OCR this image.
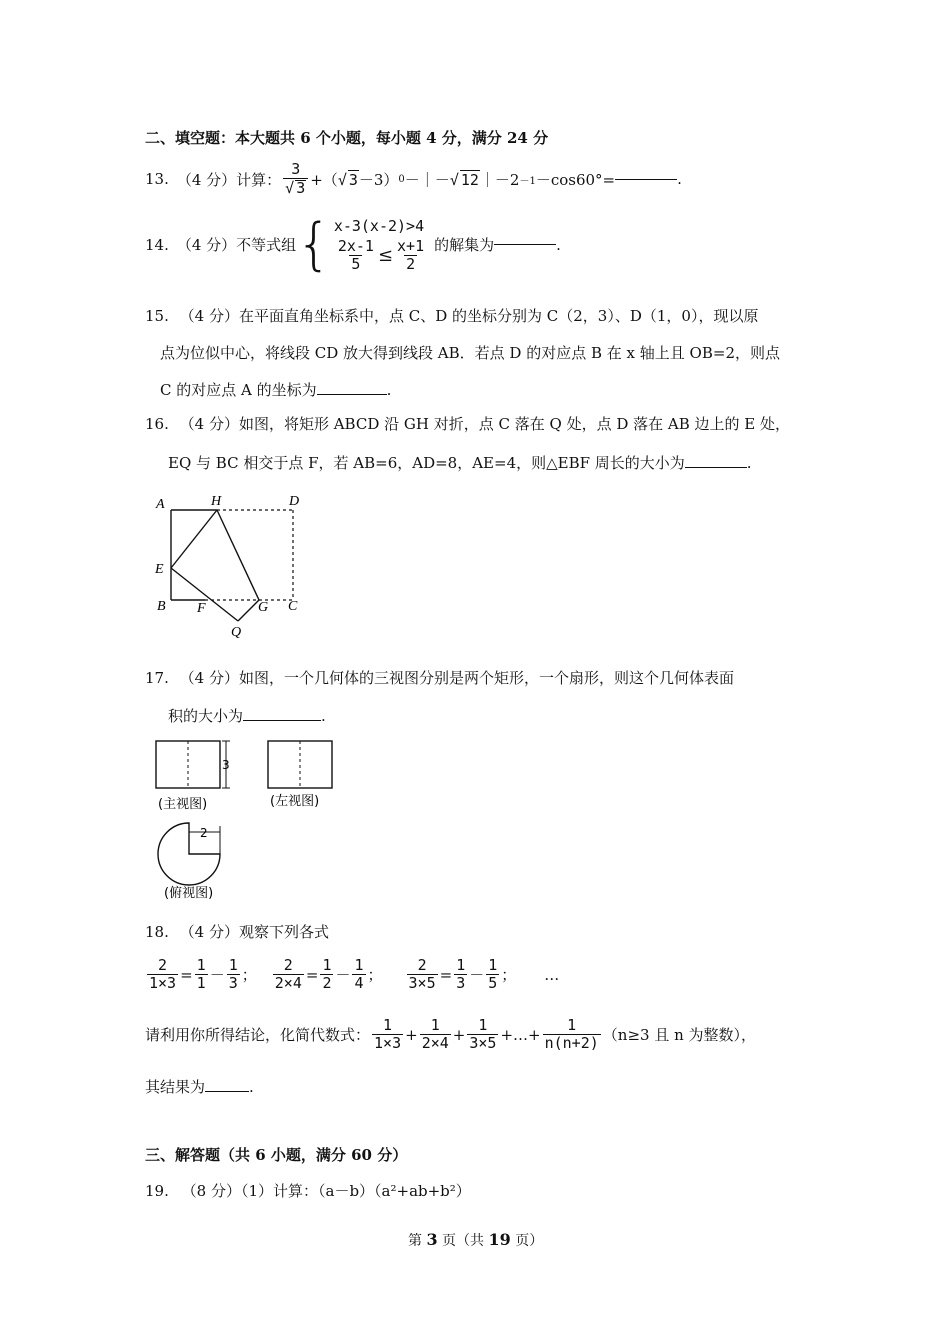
二、填空题：本大题共 6 个小题，每小题 4 分，满分 24 分
13. （4 分）计算： $\frac{3}{√ 3}$ +（ √ 3 －3） 0 －｜－ √ 12 ｜－2 －1 －cos60°=	.
14. （4 分）不等式组 { x-3(x-2)>4
$\frac{2x-1}{5} \le \frac{x+1}{2}$ 的解集为	.
15. （4 分）在平面直角坐标系中，点 C、D 的坐标分别为 C（2，3）、D（1，0），现以原
点为位似中心，将线段 CD 放大得到线段 AB．若点 D 的对应点 B 在 x 轴上且 OB=2，则点
C 的对应点 A 的坐标为	.
16. （4 分）如图，将矩形 ABCD 沿 GH 对折，点 C 落在 Q 处，点 D 落在 AB 边上的 E 处，
EQ 与 BC 相交于点 F，若 AB=6，AD=8，AE=4，则△EBF 周长的大小为	.
A	H	D
E
B F	G C
Q
17. （4 分）如图，一个几何体的三视图分别是两个矩形，一个扇形，则这个几何体表面
积的大小为	.
3
(主视图)	(左视图)
2
(俯视图)
18. （4 分）观察下列各式
$\frac{2}{1\times 3} = \frac{1}{1} - \frac{1}{3}$ ； $\frac{2}{2\times 4} = \frac{1}{2} - \frac{1}{4}$ ； $\frac{2}{3\times 5} = \frac{1}{3} - \frac{1}{5}$ ； …
请利用你所得结论，化简代数式： $\frac{1}{1\times 3} + \frac{1}{2\times 4} + \frac{1}{3\times 5}$ +…+ $\frac{1}{n(n+2)} (n\ge 3$ 且 n 为整数），
其结果为	.
三、解答题（共 6 小题，满分 60 分）
19. （8 分）（1）计算：（a－b）（a²+ab+b²）
第 3 页（共 19 页）
